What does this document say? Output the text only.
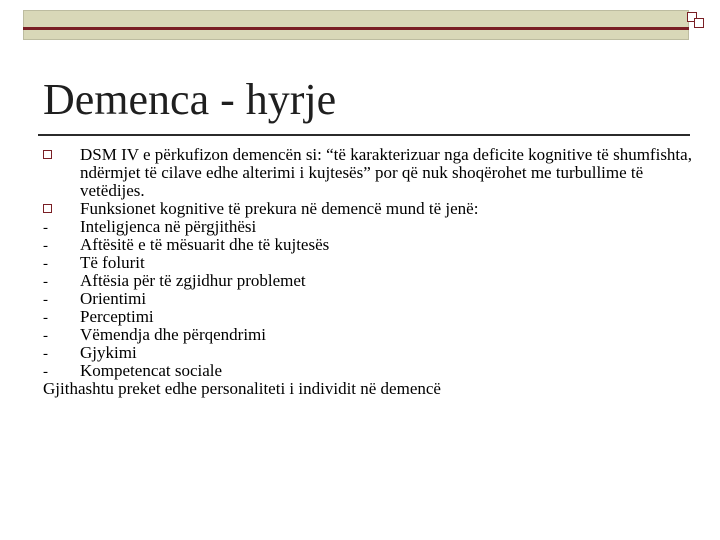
Demenca - hyrje
DSM IV e përkufizon demencën si: “të karakterizuar nga deficite kognitive të shumfishta, ndërmjet të cilave edhe alterimi i kujtesës” por që nuk shoqërohet me turbullime të vetëdijes.
Funksionet kognitive të prekura në demencë mund të jenë:
- Inteligjenca në përgjithësi
- Aftësitë e të mësuarit dhe të kujtesës
- Të folurit
- Aftësia për të zgjidhur problemet
- Orientimi
- Perceptimi
- Vëmendja dhe përqendrimi
- Gjykimi
- Kompetencat sociale
Gjithashtu preket edhe personaliteti i individit në demencë
